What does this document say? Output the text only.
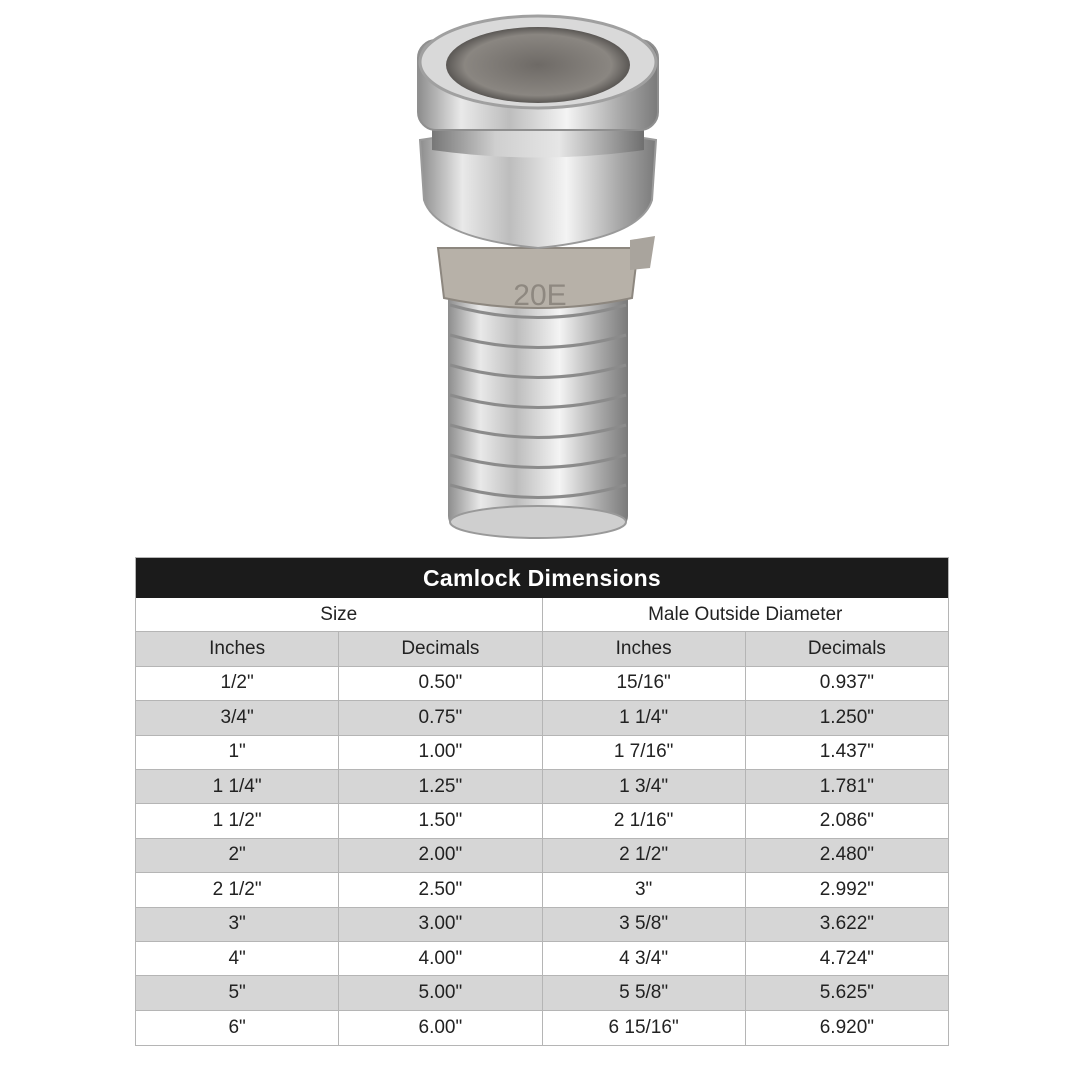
20E
Camlock Dimensions
Size	Male Outside Diameter
Inches	Decimals	Inches	Decimals
1/2"	0.50"	15/16"	0.937"
3/4"	0.75"	1 1/4"	1.250"
1"	1.00"	1 7/16"	1.437"
1 1/4"	1.25"	1 3/4"	1.781"
1 1/2"	1.50"	2 1/16"	2.086"
2"	2.00"	2 1/2"	2.480"
2 1/2"	2.50"	3"	2.992"
3"	3.00"	3 5/8"	3.622"
4"	4.00"	4 3/4"	4.724"
5"	5.00"	5 5/8"	5.625"
6"	6.00"	6 15/16"	6.920"
